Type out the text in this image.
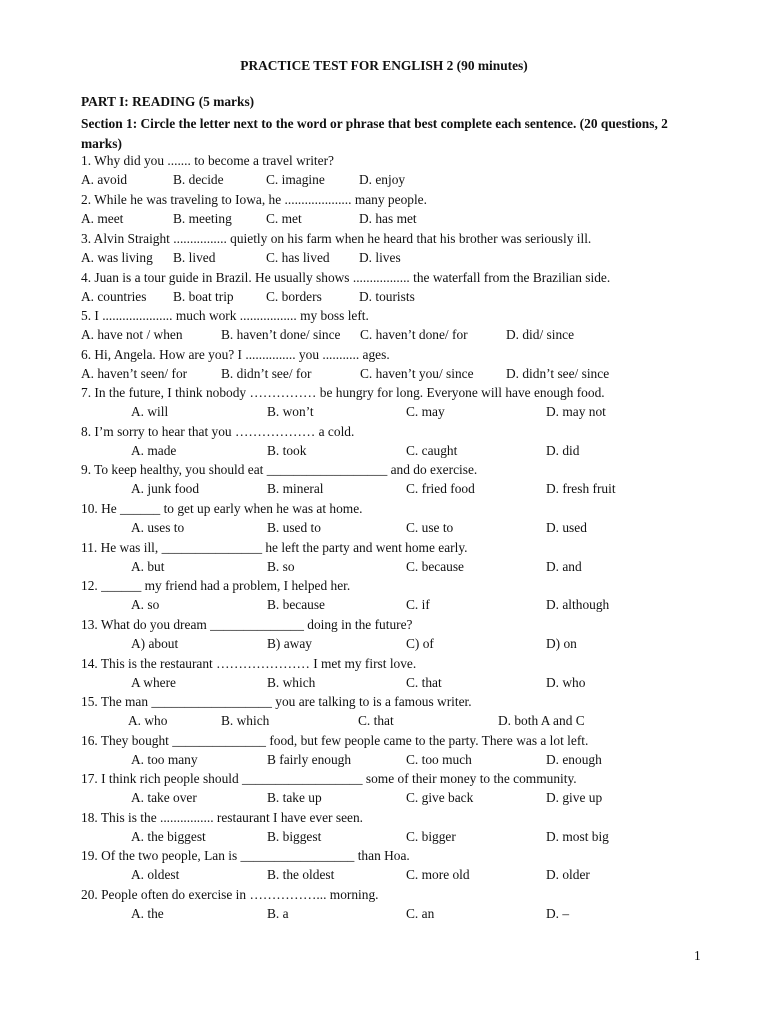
PRACTICE TEST FOR ENGLISH 2 (90 minutes)
PART I: READING (5 marks)
Section 1: Circle the letter next to the word or phrase that best complete each sentence. (20 questions, 2 marks)
1. Why did you ....... to become a travel writer?
A. avoid	B. decide	C. imagine	D. enjoy
2. While he was traveling to Iowa, he .................... many people.
A. meet	B. meeting	C. met	D. has met
3. Alvin Straight ................ quietly on his farm when he heard that his brother was seriously ill.
A. was living B. lived	C. has lived D. lives
4. Juan is a tour guide in Brazil. He usually shows ................. the waterfall from the Brazilian side.
A. countries B. boat trip C. borders	D. tourists
5. I ..................... much work ................. my boss left.
A. have not / when	B. haven’t done/ since C. haven’t done/ for	D. did/ since
6. Hi, Angela. How are you? I ............... you ........... ages.
A. haven’t seen/ for	B. didn’t see/ for	C. haven’t you/ since D. didn’t see/ since
7. In the future, I think nobody …………… be hungry for long. Everyone will have enough food.
A. will	B. won’t	C. may	D. may not
8. I’m sorry to hear that you ……………… a cold.
A. made	B. took	C. caught	D. did
9. To keep healthy, you should eat __________________ and do exercise.
A. junk food	B. mineral	C. fried food	D. fresh fruit
10. He ______ to get up early when he was at home.
A. uses to	B. used to	C. use to	D. used
11. He was ill, _______________ he left the party and went home early.
A. but	B. so	C. because	D. and
12. ______ my friend had a problem, I helped her.
A. so	B. because	C. if	D. although
13. What do you dream ______________ doing in the future?
A) about	B) away	C) of	D) on
14. This is the restaurant ………………… I met my first love.
A where	B. which	C. that	D. who
15. The man __________________ you are talking to is a famous writer.
A. who	B. which	C. that	D. both A and C
16. They bought ______________ food, but few people came to the party. There was a lot left.
A. too many	B fairly enough	C. too much	D. enough
17. I think rich people should __________________ some of their money to the community.
A. take over	B. take up	C. give back	D. give up
18. This is the ................ restaurant I have ever seen.
A. the biggest	B. biggest	C. bigger	D. most big
19. Of the two people, Lan is _________________ than Hoa.
A. oldest	B. the oldest	C. more old	D. older
20. People often do exercise in ……………... morning.
A. the	B. a	C. an	D. –
1
